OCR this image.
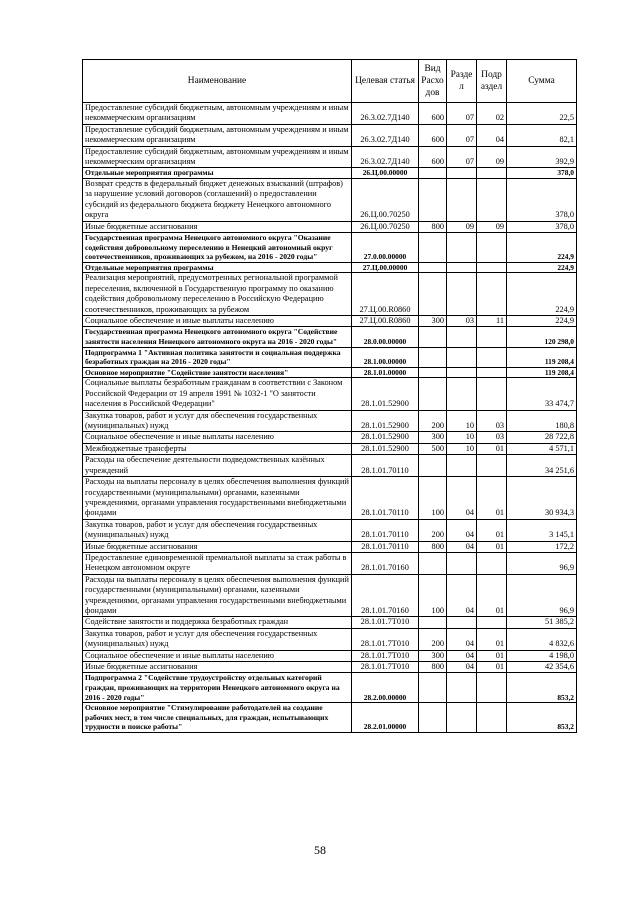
Наименование	Целевая статья	Вид Расхо дов	Разде л	Подр аздел	Сумма
Предоставление субсидий бюджетным, автономным учреждениям и иным некоммерческим организациям	26.3.02.7Д140	600	07	02	22,5
Предоставление субсидий бюджетным, автономным учреждениям и иным некоммерческим организациям	26.3.02.7Д140	600	07	04	82,1
Предоставление субсидий бюджетным, автономным учреждениям и иным некоммерческим организациям	26.3.02.7Д140	600	07	09	392,9
Отдельные мероприятия программы	26.Ц.00.00000				378,0
Возврат средств в федеральный бюджет денежных взысканий (штрафов) за нарушение условий договоров (соглашений) о предоставлении субсидий из федерального бюджета бюджету Ненецкого автономного округа	26.Ц.00.70250				378,0
Иные бюджетные ассигнования	26.Ц.00.70250	800	09	09	378,0
Государственная программа Ненецкого автономного округа "Оказание содействия добровольному переселению в Ненецкий автономный округ соотечественников, проживающих за рубежом, на 2016 - 2020 годы"	27.0.00.00000				224,9
Отдельные мероприятия программы	27.Ц.00.00000				224,9
Реализация мероприятий, предусмотренных региональной программой переселения, включенной в Государственную программу по оказанию содействия добровольному переселению в Российскую Федерацию соотечественников, проживающих за рубежом	27.Ц.00.R0860				224,9
Социальное обеспечение и иные выплаты населению	27.Ц.00.R0860	300	03	11	224,9
Государственная программа Ненецкого автономного округа "Содействие занятости населения Ненецкого автономного округа на 2016 - 2020 годы"	28.0.00.00000				120 298,0
Подпрограмма 1 "Активная политика занятости и социальная поддержка безработных граждан на 2016 - 2020 годы"	28.1.00.00000				119 208,4
Основное мероприятие "Содействие занятости населения"	28.1.01.00000				119 208,4
Социальные выплаты безработным гражданам в соответствии с Законом Российской Федерации от 19 апреля 1991 № 1032-1 "О занятости населения в Российской Федерации"	28.1.01.52900				33 474,7
Закупка товаров, работ и услуг для обеспечения государственных (муниципальных) нужд	28.1.01.52900	200	10	03	180,8
Социальное обеспечение и иные выплаты населению	28.1.01.52900	300	10	03	28 722,8
Межбюджетные трансферты	28.1.01.52900	500	10	01	4 571,1
Расходы на обеспечение деятельности подведомственных казённых учреждений	28.1.01.70110				34 251,6
Расходы на выплаты персоналу в целях обеспечения выполнения функций государственными (муниципальными) органами, казенными учреждениями, органами управления государственными внебюджетными фондами	28.1.01.70110	100	04	01	30 934,3
Закупка товаров, работ и услуг для обеспечения государственных (муниципальных) нужд	28.1.01.70110	200	04	01	3 145,1
Иные бюджетные ассигнования	28.1.01.70110	800	04	01	172,2
Предоставление единовременной премиальной выплаты за стаж работы в Ненецком автономном округе	28.1.01.70160				96,9
Расходы на выплаты персоналу в целях обеспечения выполнения функций государственными (муниципальными) органами, казенными учреждениями, органами управления государственными внебюджетными фондами	28.1.01.70160	100	04	01	96,9
Содействие занятости и поддержка безработных граждан	28.1.01.7Т010				51 385,2
Закупка товаров, работ и услуг для обеспечения государственных (муниципальных) нужд	28.1.01.7Т010	200	04	01	4 832,6
Социальное обеспечение и иные выплаты населению	28.1.01.7Т010	300	04	01	4 198,0
Иные бюджетные ассигнования	28.1.01.7Т010	800	04	01	42 354,6
Подпрограмма 2 "Содействие трудоустройству отдельных категорий граждан, проживающих на территории Ненецкого автономного округа на 2016 - 2020 годы"	28.2.00.00000				853,2
Основное мероприятие "Стимулирование работодателей на создание рабочих мест, в том числе специальных, для граждан, испытывающих трудности в поиске работы"	28.2.01.00000				853,2
58
